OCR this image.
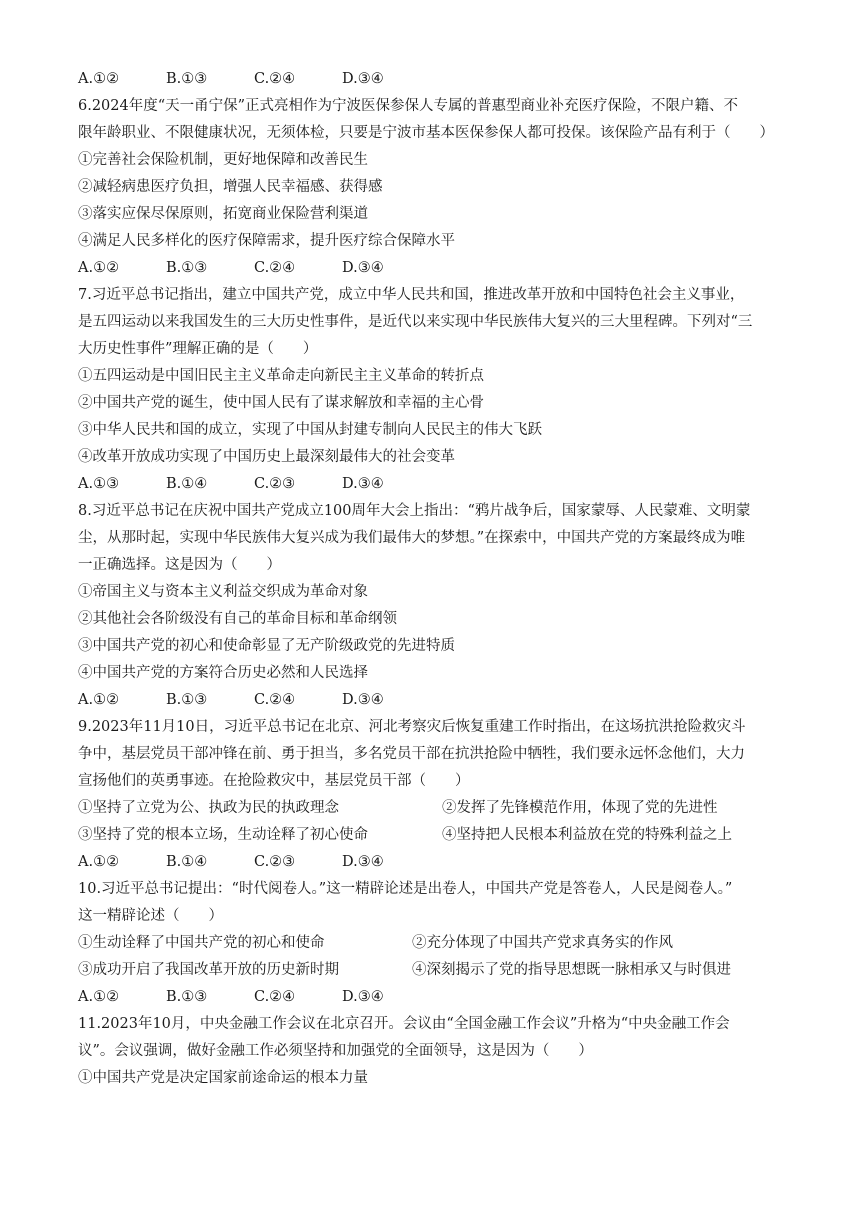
A.①②	B.①③	C.②④	D.③④
6.2024年度“天一甬宁保”正式亮相作为宁波医保参保人专属的普惠型商业补充医疗保险，不限户籍、不
限年龄职业、不限健康状况，无须体检，只要是宁波市基本医保参保人都可投保。该保险产品有利于（　　）
①完善社会保险机制，更好地保障和改善民生
②减轻病患医疗负担，增强人民幸福感、获得感
③落实应保尽保原则，拓宽商业保险营利渠道
④满足人民多样化的医疗保障需求，提升医疗综合保障水平
A.①②	B.①③	C.②④	D.③④
7.习近平总书记指出，建立中国共产党，成立中华人民共和国，推进改革开放和中国特色社会主义事业，
是五四运动以来我国发生的三大历史性事件，是近代以来实现中华民族伟大复兴的三大里程碑。下列对“三
大历史性事件”理解正确的是（　　）
①五四运动是中国旧民主主义革命走向新民主主义革命的转折点
②中国共产党的诞生，使中国人民有了谋求解放和幸福的主心骨
③中华人民共和国的成立，实现了中国从封建专制向人民民主的伟大飞跃
④改革开放成功实现了中国历史上最深刻最伟大的社会变革
A.①③	B.①④	C.②③	D.③④
8.习近平总书记在庆祝中国共产党成立100周年大会上指出：“鸦片战争后，国家蒙辱、人民蒙难、文明蒙
尘，从那时起，实现中华民族伟大复兴成为我们最伟大的梦想。”在探索中，中国共产党的方案最终成为唯
一正确选择。这是因为（　　）
①帝国主义与资本主义利益交织成为革命对象
②其他社会各阶级没有自己的革命目标和革命纲领
③中国共产党的初心和使命彰显了无产阶级政党的先进特质
④中国共产党的方案符合历史必然和人民选择
A.①②	B.①③	C.②④	D.③④
9.2023年11月10日，习近平总书记在北京、河北考察灾后恢复重建工作时指出，在这场抗洪抢险救灾斗
争中，基层党员干部冲锋在前、勇于担当，多名党员干部在抗洪抢险中牺牲，我们要永远怀念他们，大力
宣扬他们的英勇事迹。在抢险救灾中，基层党员干部（　　）
①坚持了立党为公、执政为民的执政理念	②发挥了先锋模范作用，体现了党的先进性
③坚持了党的根本立场，生动诠释了初心使命	④坚持把人民根本利益放在党的特殊利益之上
A.①②	B.①④	C.②③	D.③④
10.习近平总书记提出：“时代阅卷人。”这一精辟论述是出卷人，中国共产党是答卷人，人民是阅卷人。”
这一精辟论述（　　）
①生动诠释了中国共产党的初心和使命	②充分体现了中国共产党求真务实的作风
③成功开启了我国改革开放的历史新时期	④深刻揭示了党的指导思想既一脉相承又与时俱进
A.①②	B.①③	C.②④	D.③④
11.2023年10月，中央金融工作会议在北京召开。会议由“全国金融工作会议”升格为“中央金融工作会
议”。会议强调，做好金融工作必须坚持和加强党的全面领导，这是因为（　　）
①中国共产党是决定国家前途命运的根本力量
